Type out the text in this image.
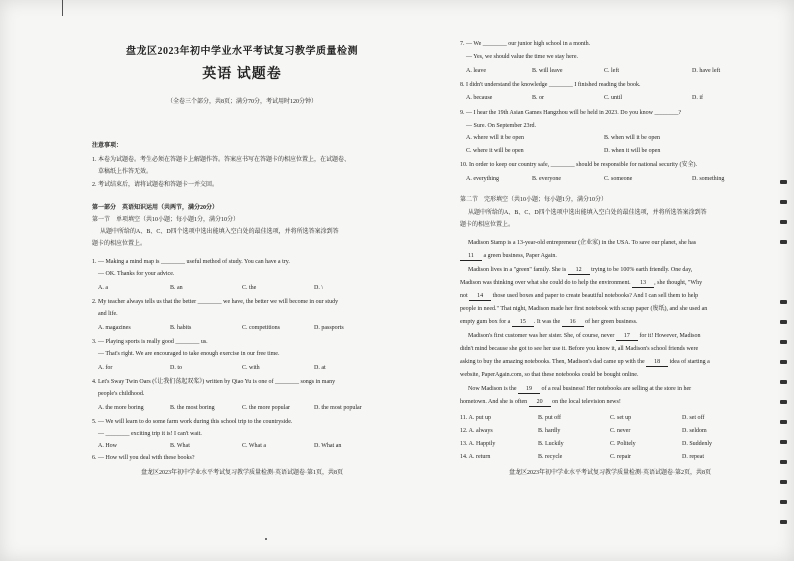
盘龙区2023年初中学业水平考试复习教学质量检测
英语 试题卷
（全卷三个部分，共8页；满分70分，考试用时120分钟）
注意事项：
1. 本卷为试题卷。考生必须在答题卡上解题作答。答案应书写在答题卡的相应位置上，在试题卷、
草稿纸上作答无效。
2. 考试结束后，请将试题卷和答题卡一并交回。
第一部分　英语知识运用（共两节，满分20分）
第一节　单项填空（共10小题；每小题1分，满分10分）
从题中所给的A、B、C、D四个选项中选出能填入空白处的最佳选项，并将所选答案涂到答
题卡的相应位置上。
1. — Making a mind map is ________ useful method of study. You can have a try.
— OK. Thanks for your advice.
A. a	B. an	C. the	D. \
2. My teacher always tells us that the better ________ we have, the better we will become in our study
and life.
A. magazines	B. habits	C. competitions	D. passports
3. — Playing sports is really good ________ us.
— That's right. We are encouraged to take enough exercise in our free time.
A. for	D. to	C. with	D. at
4. Let's Sway Twin Oars (《让我们荡起双桨》) written by Qiao Yu is one of ________ songs in many
people's childhood.
A. the more boring	B. the most boring	C. the more popular	D. the most popular
5. — We will learn to do some farm work during this school trip to the countryside.
— ________ exciting trip it is! I can't wait.
A. How	B. What	C. What a	D. What an
盘龙区2023年初中学业水平考试复习教学质量检测·英语试题卷·第1页，共8页
6. — How will you deal with these books?
7. — We ________ our junior high school in a month.
— Yes, we should value the time we stay here.
A. leave	B. will leave	C. left	D. have left
8. I didn't understand the knowledge ________ I finished reading the book.
A. because	B. or	C. until	D. if
9. — I hear the 19th Asian Games Hangzhou will be held in 2023. Do you know ________?
— Sure. On September 23rd.
A. where will it be open	B. when will it be open
C. where it will be open	D. when it will be open
10. In order to keep our country safe, ________ should be responsible for national security (安全).
A. everything	B. everyone	C. someone	D. something
第二节　完形填空（共10小题；每小题1分，满分10分）
从题中所给的A、B、C、D四个选项中选出能填入空白处的最佳选项，并将所选答案涂到答
题卡的相应位置上。
Madison Stamp is a 13-year-old entrepreneur (企业家) in the USA. To save our planet, she has
11 a green business, Paper Again.
Madison lives in a "green" family. She is 12 trying to be 100% earth friendly. One day,
Madison was thinking over what she could do to help the environment. 13 , she thought, "Why
not 14 those used boxes and paper to create beautiful notebooks? And I can sell them to help
people in need." That night, Madison made her first notebook with scrap paper (废纸), and she used an
empty gum box for a 15 . It was the 16 of her green business.
Madison's first customer was her sister. She, of course, never 17 for it! However, Madison
didn't mind because she got to see her use it. Before you know it, all Madison's school friends were
asking to buy the amazing notebooks. Then, Madison's dad came up with the 18 idea of starting a
website, PaperAgain.com, so that these notebooks could be bought online.
Now Madison is the 19 of a real business! Her notebooks are selling at the store in her
hometown. And she is often 20 on the local television news!
11. A. put up	B. put off	C. set up	D. set off
12. A. always	B. hardly	C. never	D. seldom
13. A. Happily	B. Luckily	C. Politely	D. Suddenly
14. A. return	B. recycle	C. repair	D. repeat
盘龙区2023年初中学业水平考试复习教学质量检测·英语试题卷·第2页，共8页
